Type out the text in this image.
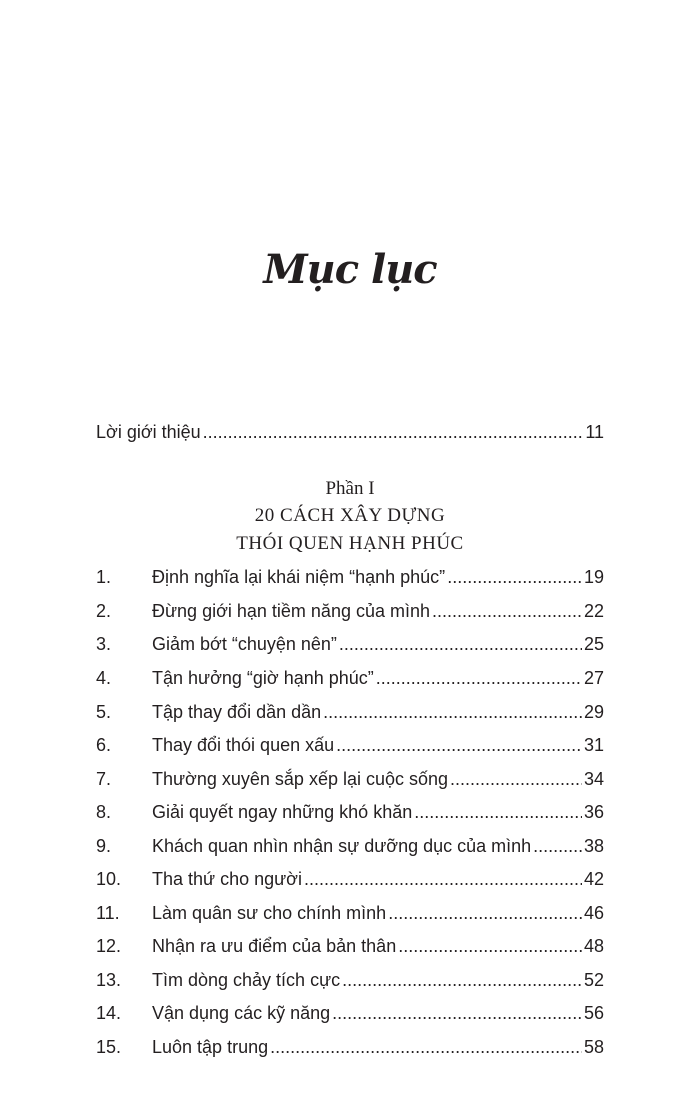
Mục lục
Lời giới thiệu .....	11
Phần I
20 CÁCH XÂY DỰNG
THÓI QUEN HẠNH PHÚC
1.	Định nghĩa lại khái niệm “hạnh phúc” .....	19
2.	Đừng giới hạn tiềm năng của mình .....	22
3.	Giảm bớt “chuyện nên” .....	25
4.	Tận hưởng “giờ hạnh phúc” .....	27
5.	Tập thay đổi dần dần .....	29
6.	Thay đổi thói quen xấu .....	31
7.	Thường xuyên sắp xếp lại cuộc sống .....	34
8.	Giải quyết ngay những khó khăn .....	36
9.	Khách quan nhìn nhận sự dưỡng dục của mình .....	38
10.	Tha thứ cho người .....	42
11.	Làm quân sư cho chính mình .....	46
12.	Nhận ra ưu điểm của bản thân .....	48
13.	Tìm dòng chảy tích cực .....	52
14.	Vận dụng các kỹ năng .....	56
15.	Luôn tập trung .....	58
